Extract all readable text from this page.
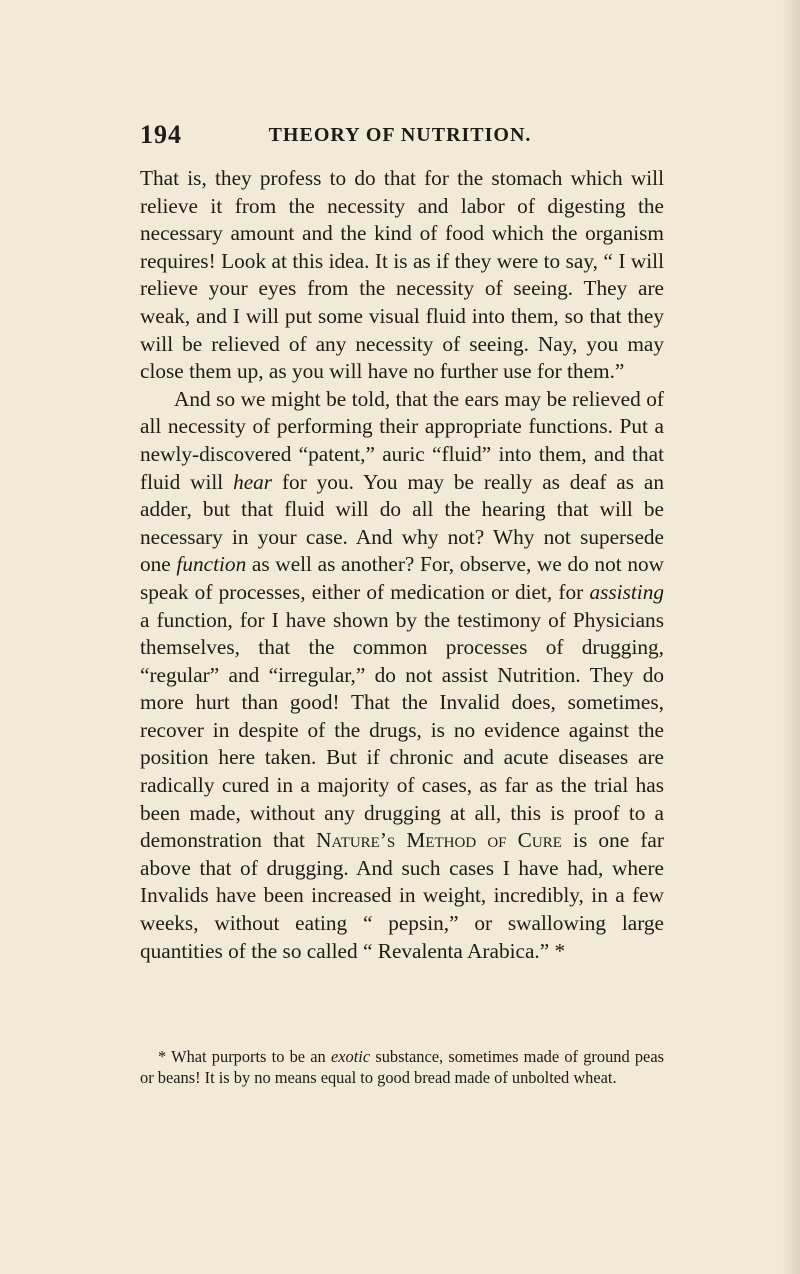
194	THEORY OF NUTRITION.

That is, they profess to do that for the stomach which will relieve it from the necessity and labor of digesting the necessary amount and the kind of food which the organism requires! Look at this idea. It is as if they were to say, “ I will relieve your eyes from the necessity of seeing. They are weak, and I will put some visual fluid into them, so that they will be relieved of any necessity of seeing. Nay, you may close them up, as you will have no further use for them.”

And so we might be told, that the ears may be relieved of all necessity of performing their appropriate functions. Put a newly-discovered “patent,” auric “fluid” into them, and that fluid will hear for you. You may be really as deaf as an adder, but that fluid will do all the hearing that will be necessary in your case. And why not? Why not supersede one function as well as another? For, observe, we do not now speak of processes, either of medication or diet, for assisting a function, for I have shown by the testimony of Physicians themselves, that the common processes of drugging, “regular” and “irregular,” do not assist Nutrition. They do more hurt than good! That the Invalid does, sometimes, recover in despite of the drugs, is no evidence against the position here taken. But if chronic and acute diseases are radically cured in a majority of cases, as far as the trial has been made, without any drugging at all, this is proof to a demonstration that Nature’s Method of Cure is one far above that of drugging. And such cases I have had, where Invalids have been increased in weight, incredibly, in a few weeks, without eating “ pepsin,” or swallowing large quantities of the so called “ Revalenta Arabica.” *

* What purports to be an exotic substance, sometimes made of ground peas or beans! It is by no means equal to good bread made of unbolted wheat.
